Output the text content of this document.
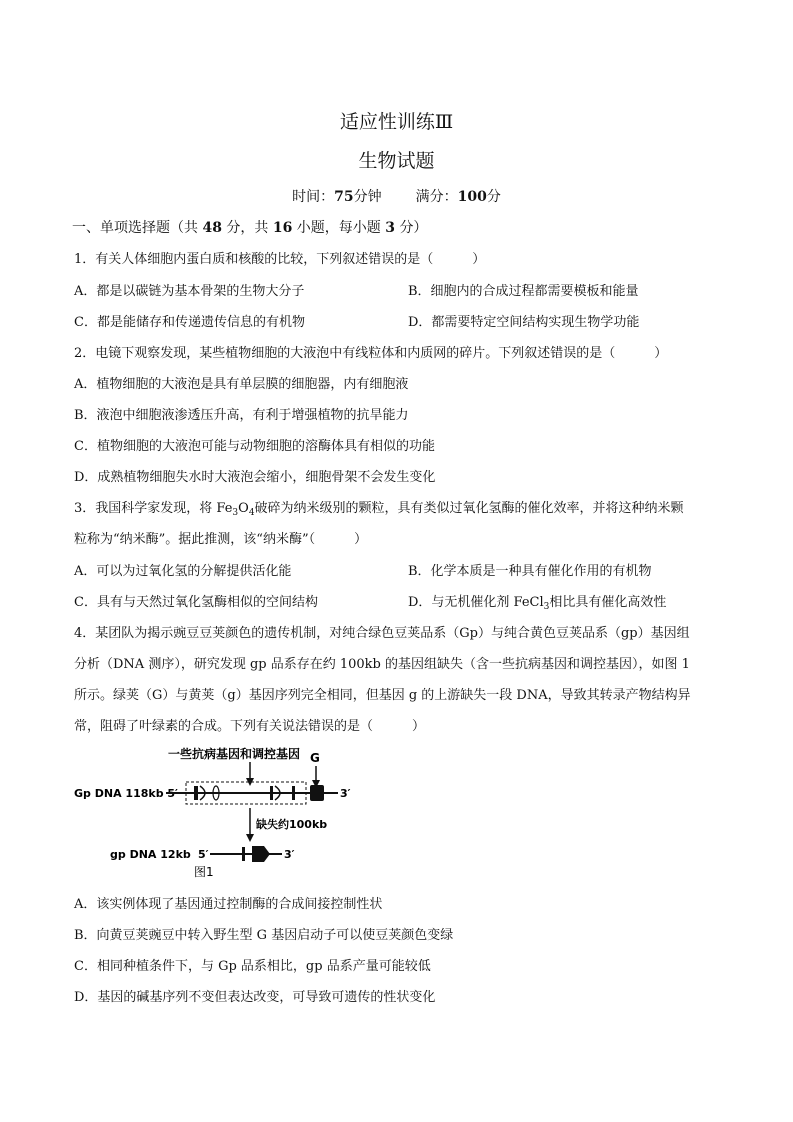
适应性训练Ⅲ
生物试题
时间：75分钟 满分：100分
一、单项选择题（共 48 分，共 16 小题，每小题 3 分）
1．有关人体细胞内蛋白质和核酸的比较，下列叙述错误的是（　　　）
A．都是以碳链为基本骨架的生物大分子	B．细胞内的合成过程都需要模板和能量
C．都是能储存和传递遗传信息的有机物	D．都需要特定空间结构实现生物学功能
2．电镜下观察发现，某些植物细胞的大液泡中有线粒体和内质网的碎片。下列叙述错误的是（　　　）
A．植物细胞的大液泡是具有单层膜的细胞器，内有细胞液
B．液泡中细胞液渗透压升高，有利于增强植物的抗旱能力
C．植物细胞的大液泡可能与动物细胞的溶酶体具有相似的功能
D．成熟植物细胞失水时大液泡会缩小，细胞骨架不会发生变化
3．我国科学家发现，将 $Fe_3O_4$破碎为纳米级别的颗粒，具有类似过氧化氢酶的催化效率，并将这种纳米颗
粒称为“纳米酶”。据此推测，该“纳米酶”（　　　）
A．可以为过氧化氢的分解提供活化能	B．化学本质是一种具有催化作用的有机物
C．具有与天然过氧化氢酶相似的空间结构	D．与无机催化剂 FeCl$_3$相比具有催化高效性
4．某团队为揭示豌豆豆荚颜色的遗传机制，对纯合绿色豆荚品系（Gp）与纯合黄色豆荚品系（gp）基因组
分析（DNA 测序），研究发现 gp 品系存在约 100kb 的基因组缺失（含一些抗病基因和调控基因），如图 1
所示。绿荚（G）与黄荚（g）基因序列完全相同，但基因 g 的上游缺失一段 DNA，导致其转录产物结构异
常，阻碍了叶绿素的合成。下列有关说法错误的是（　　　）
一些抗病基因和调控基因 G
Gp DNA 118kb 5′	3′
缺失约100kb
gp DNA 12kb 5′	3′
图1
A．该实例体现了基因通过控制酶的合成间接控制性状
B．向黄豆荚豌豆中转入野生型 G 基因启动子可以使豆荚颜色变绿
C．相同种植条件下，与 Gp 品系相比，gp 品系产量可能较低
D．基因的碱基序列不变但表达改变，可导致可遗传的性状变化
